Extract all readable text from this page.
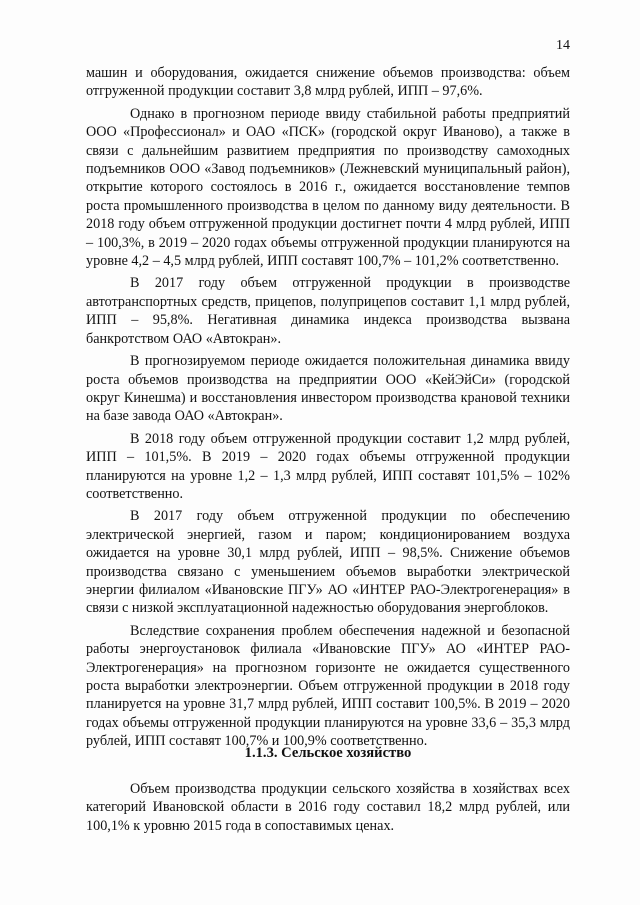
14

машин и оборудования, ожидается снижение объемов производства: объем отгруженной продукции составит 3,8 млрд рублей, ИПП – 97,6%.

Однако в прогнозном периоде ввиду стабильной работы предприятий ООО «Профессионал» и ОАО «ПСК» (городской округ Иваново), а также в связи с дальнейшим развитием предприятия по производству самоходных подъемников ООО «Завод подъемников» (Лежневский муниципальный район), открытие которого состоялось в 2016 г., ожидается восстановление темпов роста промышленного производства в целом по данному виду деятельности. В 2018 году объем отгруженной продукции достигнет почти 4 млрд рублей, ИПП – 100,3%, в 2019 – 2020 годах объемы отгруженной продукции планируются на уровне 4,2 – 4,5 млрд рублей, ИПП составят 100,7% – 101,2% соответственно.

В 2017 году объем отгруженной продукции в производстве автотранспортных средств, прицепов, полуприцепов составит 1,1 млрд рублей, ИПП – 95,8%. Негативная динамика индекса производства вызвана банкротством ОАО «Автокран».

В прогнозируемом периоде ожидается положительная динамика ввиду роста объемов производства на предприятии ООО «КейЭйСи» (городской округ Кинешма) и восстановления инвестором производства крановой техники на базе завода ОАО «Автокран».

В 2018 году объем отгруженной продукции составит 1,2 млрд рублей, ИПП – 101,5%. В 2019 – 2020 годах объемы отгруженной продукции планируются на уровне 1,2 – 1,3 млрд рублей, ИПП составят 101,5% – 102% соответственно.

В 2017 году объем отгруженной продукции по обеспечению электрической энергией, газом и паром; кондиционированием воздуха ожидается на уровне 30,1 млрд рублей, ИПП – 98,5%. Снижение объемов производства связано с уменьшением объемов выработки электрической энергии филиалом «Ивановские ПГУ» АО «ИНТЕР РАО-Электрогенерация» в связи с низкой эксплуатационной надежностью оборудования энергоблоков.

Вследствие сохранения проблем обеспечения надежной и безопасной работы энергоустановок филиала «Ивановские ПГУ» АО «ИНТЕР РАО-Электрогенерация» на прогнозном горизонте не ожидается существенного роста выработки электроэнергии. Объем отгруженной продукции в 2018 году планируется на уровне 31,7 млрд рублей, ИПП составит 100,5%. В 2019 – 2020 годах объемы отгруженной продукции планируются на уровне 33,6 – 35,3 млрд рублей, ИПП составят 100,7% и 100,9% соответственно.

1.1.3. Сельское хозяйство

Объем производства продукции сельского хозяйства в хозяйствах всех категорий Ивановской области в 2016 году составил 18,2 млрд рублей, или 100,1% к уровню 2015 года в сопоставимых ценах.
